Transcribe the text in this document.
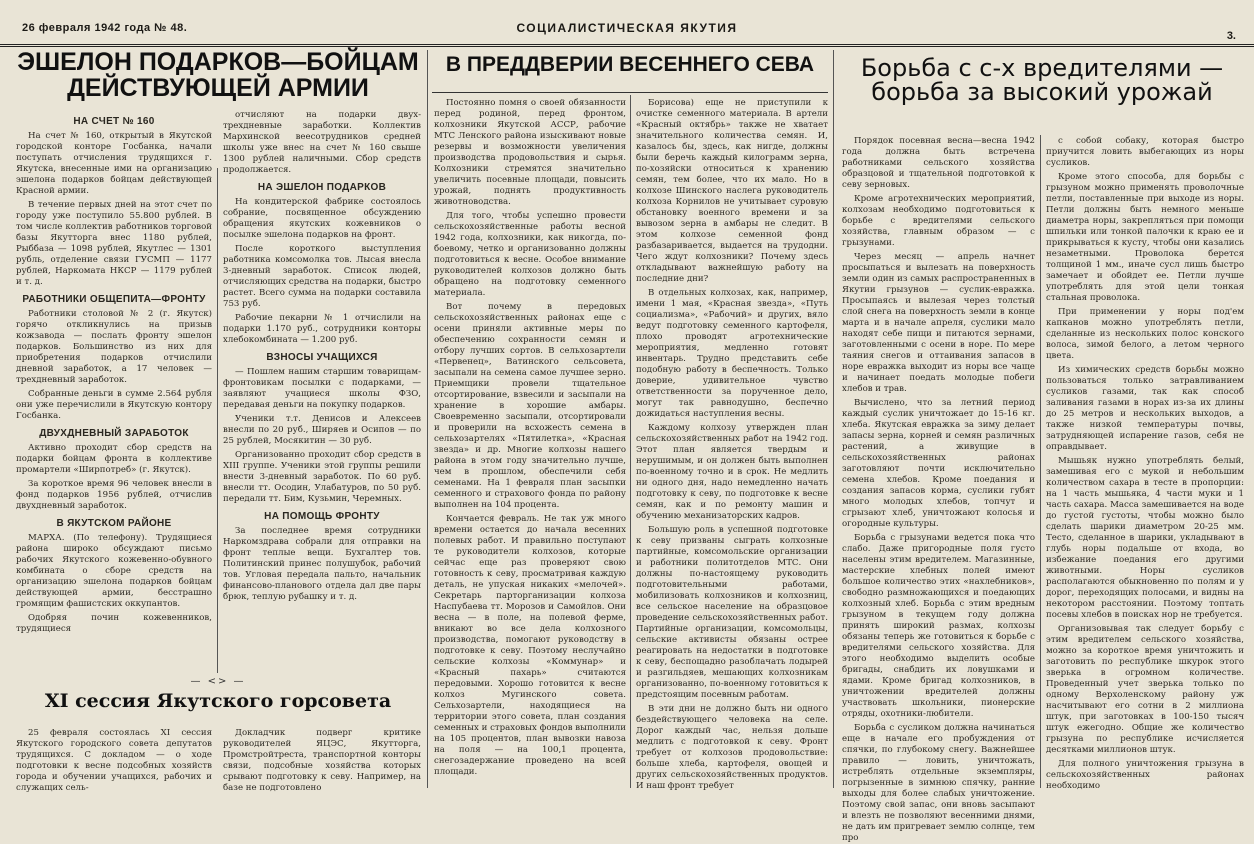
26 февраля 1942 года № 48.	СОЦИАЛИСТИЧЕСКАЯ ЯКУТИЯ
3.
ЭШЕЛОН ПОДАРКОВ—БОЙЦАМ ДЕЙСТВУЮЩЕЙ АРМИИ
НА СЧЕТ № 160

На счет № 160, открытый в Якутской городской конторе Госбанка, начали поступать отчисления трудящихся г. Якутска, внесенные ими на организацию эшелона подарков бойцам действующей Красной армии.

В течение первых дней на этот счет по городу уже поступило 55.800 рублей. В том числе коллектив работников торговой базы Якутторга внес 1180 рублей, Рыббаза — 1098 рублей, Якутлес — 1301 рубль, отделение связи ГУСМП — 1177 рублей, Наркомата НКСР — 1179 рублей и т. д.

РАБОТНИКИ ОБЩЕПИТА—ФРОНТУ

Работники столовой № 2 (г. Якутск) горячо откликнулись на призыв кожзавода — послать фронту эшелон подарков. Большинство из них для приобретения подарков отчислили дневной заработок, а 17 человек — трехдневный заработок.

Собранные деньги в сумме 2.564 рубля они уже перечислили в Якутскую контору Госбанка.

ДВУХДНЕВНЫЙ ЗАРАБОТОК

Активно проходит сбор средств на подарки бойцам фронта в коллективе промартели «Ширпотреб» (г. Якутск).

За короткое время 96 человек внесли в фонд подарков 1956 рублей, отчислив двухдневный заработок.

В ЯКУТСКОМ РАЙОНЕ

МАРХА. (По телефону). Трудящиеся района широко обсуждают письмо рабочих Якутского кожевенно-обувного комбината о сборе средств на организацию эшелона подарков бойцам действующей армии, бесстрашно громящим фашистских оккупантов.

Одобряя почин кожевенников, трудящиеся

отчисляют на подарки двух-трехдневные заработки. Коллектив Мархинской веесотрудников средней школы уже внес на счет № 160 свыше 1300 рублей наличными. Сбор средств продолжается.

НА ЭШЕЛОН ПОДАРКОВ

На кондитерской фабрике состоялось собрание, посвященное обсуждению обращения якутских кожевников о посылке эшелона подарков на фронт.

После короткого выступления работника комсомолка тов. Лысая внесла 3-дневный заработок. Список людей, отчисляющих средства на подарки, быстро растет. Всего сумма на подарки составила 753 руб.

Рабочие пекарни № 1 отчислили на подарки 1.170 руб., сотрудники конторы хлебокомбината — 1.200 руб.

ВЗНОСЫ УЧАЩИХСЯ

— Пошлем нашим старшим товарищам-фронтовикам посылки с подарками, — заявляют учащиеся школы ФЗО, передавая деньги на покупку подарков.

Ученики т.т. Денисов и Алексеев внесли по 20 руб., Ширяев и Осипов — по 25 рублей, Мосякитин — 30 руб.

Организованно проходит сбор средств в XIII группе. Ученики этой группы решили внести 3-дневный заработок. По 60 руб. внесли тт. Осодин, Улабатуров, по 50 руб. передали тт. Бим, Кузьмин, Черемных.

НА ПОМОЩЬ ФРОНТУ

За последнее время сотрудники Наркомздрава собрали для отправки на фронт теплые вещи. Бухгалтер тов. Политинский принес полушубок, рабочий тов. Угловая передала пальто, начальник финансово-планового отдела дал две пары брюк, теплую рубашку и т. д.

— <> —
XI сессия Якутского горсовета

25 февраля состоялась XI сессия Якутского городского совета депутатов трудящихся. С докладом — о ходе подготовки к весне подсобных хозяйств города и обучении учащихся, рабочих и служащих сель-

Докладчик подверг критике руководителей ЯЦЭС, Якутторга, Промстройтреста, транспортной конторы связи, подсобные хозяйства которых срывают подготовку к севу. Например, на базе не подготовлено

В ПРЕДДВЕРИИ ВЕСЕННЕГО СЕВА

Постоянно помня о своей обязанности перед родиной, перед фронтом, колхозники Якутской АССР, рабочие МТС Ленского района изыскивают новые резервы и возможности увеличения производства продовольствия и сырья. Колхозники стремятся значительно увеличить посевные площади, повысить урожай, поднять продуктивность животноводства.

Для того, чтобы успешно провести сельскохозяйственные работы весной 1942 года, колхозники, как никогда, по-боевому, четко и организованно должны подготовиться к весне. Особое внимание руководителей колхозов должно быть обращено на подготовку семенного материала.

Вот почему в передовых сельскохозяйственных районах еще с осени приняли активные меры по обеспечению сохранности семян и отбору лучших сортов. В сельхозартели «Первенец», Ватинского сельсовета, засыпали на семена самое лучшее зерно. Приемщики провели тщательное отсортирование, взвесили и засыпали на хранение в хорошие амбары. Своевременно засыпали, отсортировали и проверили на всхожесть семена в сельхозартелях «Пятилетка», «Красная звезда» и др. Многие колхозы нашего района в этом году значительно лучше, чем в прошлом, обеспечили себя семенами. На 1 февраля план засыпки семенного и страхового фонда по району выполнен на 104 процента.

Кончается февраль. Не так уж много времени остается до начала весенних полевых работ. И правильно поступают те руководители колхозов, которые сейчас еще раз проверяют свою готовность к севу, просматривая каждую деталь, не упуская никаких «мелочей». Секретарь парторганизации колхоза Наспубаева тт. Морозов и Самойлов. Они весна — в поле, на полевой ферме, вникают во все дела колхозного производства, помогают руководству в подготовке к севу. Поэтому неслучайно сельские колхозы «Коммунар» и «Красный пахарь» считаются передовыми. Хорошо готовится к весне колхоз Мугинского совета. Сельхозартели, находящиеся на территории этого совета, план создания семенных и страховых фондов выполнили на 105 процентов, план вывозки навоза на поля — на 100,1 процента, снегозадержание проведено на всей площади.

Борисова) еще не приступили к очистке семенного материала. В артели «Красный октябрь» также не хватает значительного количества семян. И, казалось бы, здесь, как нигде, должны были беречь каждый килограмм зерна, по-хозяйски относиться к хранению семян, тем более, что их мало. Но в колхозе Шинского наслега руководитель колхоза Корнилов не учитывает суровую обстановку военного времени и за вывозом зерна в амбары не следит. В этом колхозе семенной фонд разбазаривается, выдается на трудодни. Чего ждут колхозники? Почему здесь откладывают важнейшую работу на последние дни?

В отдельных колхозах, как, например, имени 1 мая, «Красная звезда», «Путь социализма», «Рабочий» и других, вяло ведут подготовку семенного картофеля, плохо проводят агротехнические мероприятия, медленно готовят инвентарь. Трудно представить себе подобную работу в беспечность. Только доверие, удивительное чувство ответственности за порученное дело, могут так равнодушно, беспечно дожидаться наступления весны.

Каждому колхозу утвержден план сельскохозяйственных работ на 1942 год. Этот план является твердым и нерушимым, и он должен быть выполнен по-военному точно и в срок. Не медлить ни одного дня, надо немедленно начать подготовку к севу, по подготовке к весне семян, как и по ремонту машин и обучению механизаторских кадров.

Большую роль в успешной подготовке к севу призваны сыграть колхозные партийные, комсомольские организации и работники политотделов МТС. Они должны по-настоящему руководить подготовительными работами, мобилизовать колхозников и колхозниц, все сельское население на образцовое проведение сельскохозяйственных работ. Партийные организации, комсомольцы, сельские активисты обязаны острее реагировать на недостатки в подготовке к севу, беспощадно разоблачать лодырей и разгильдяев, мешающих колхозникам организованно, по-военному готовиться к предстоящим посевным работам.

В эти дни не должно быть ни одного бездействующего человека на селе. Дорог каждый час, нельзя дольше медлить с подготовкой к севу. Фронт требует от колхозов продовольствие: больше хлеба, картофеля, овощей и других сельскохозяйственных продуктов. И наш фронт требует

Борьба с с-х вредителями — борьба за высокий урожай

Порядок посевная весна—весна 1942 года должна быть встречена работниками сельского хозяйства образцовой и тщательной подготовкой к севу зерновых.

Кроме агротехнических мероприятий, колхозам необходимо подготовиться к борьбе с вредителями сельского хозяйства, главным образом — с грызунами.

Через месяц — апрель начнет просыпаться и вылезать на поверхность земли один из самых распространенных в Якутии грызунов — суслик-евражка. Просыпаясь и вылезая через толстый слой снега на поверхность земли в конце марта и в начале апреля, суслики мало находят себе пищи и питаются зернами, заготовленными с осени в норе. По мере таяния снегов и оттаивания запасов в норе евражка выходит из норы все чаще и начинает поедать молодые побеги хлебов и трав.

Вычислено, что за летний период каждый суслик уничтожает до 15-16 кг. хлеба. Якутская евражка за зиму делает запасы зерна, корней и семян различных растений, а живущие в сельскохозяйственных районах заготовляют почти исключительно семена хлебов. Кроме поедания и создания запасов корма, суслики губят много молодых хлебов, топчут и сгрызают хлеб, уничтожают колосья и огородные культуры.

Борьба с грызунами ведется пока что слабо. Даже пригородные поля густо населены этим вредителем. Магазинные, мастерские хлебных полей имеют большое количество этих «нахлебников», свободно размножающихся и поедающих колхозный хлеб. Борьба с этим вредным грызуном в текущем году должна принять широкий размах, колхозы обязаны теперь же готовиться к борьбе с вредителями сельского хозяйства. Для этого необходимо выделить особые бригады, снабдить их ловушками и ядами. Кроме бригад колхозников, в уничтожении вредителей должны участвовать школьники, пионерские отряды, охотники-любители.

Борьба с сусликом должна начинаться еще в начале его пробуждения от спячки, по глубокому снегу. Важнейшее правило — ловить, уничтожать, истреблять отдельные экземпляры, погрызенные в зимнюю спячку, ранние выходы для более слабых уничтожение. Поэтому свой запас, они вновь засыпают и влезть не позволяют весенними днями, не дать им пригревает землю солнце, тем про

с собой собаку, которая быстро приучится ловить выбегающих из норы сусликов.

Кроме этого способа, для борьбы с грызуном можно применять проволочные петли, поставленные при выходе из норы. Петли должны быть немного меньше диаметра норы, закрепляться при помощи шпильки или тонкой палочки к краю ее и прикрываться к кусту, чтобы они казались незаметными. Проволока берется толщиной 1 мм., иначе сусл лишь быстро замечает и обойдет ее. Петли лучше употреблять для этой цели тонкая стальная проволока.

При применении у норы под'ем капканов можно употреблять петли, сделанные из нескольких полос конского волоса, зимой белого, а летом черного цвета.

Из химических средств борьбы можно пользоваться только затравливанием сусликов газами, так как способ заливания газами в норах из-за их длины до 25 метров и нескольких выходов, а также низкой температуры почвы, затрудняющей испарение газов, себя не оправдывает.

Мышьяк нужно употреблять белый, замешивая его с мукой и небольшим количеством сахара в тесте в пропорции: на 1 часть мышьяка, 4 части муки и 1 часть сахара. Масса замешивается на воде до густой густоты, чтобы можно было сделать шарики диаметром 20-25 мм. Тесто, сделанное в шарики, укладывают в глубь норы подальше от входа, во избежание поедания его другими животными. Норы сусликов располагаются обыкновенно по полям и у дорог, переходящих полосами, и видны на некотором расстоянии. Поэтому топтать посевы хлебов в поисках нор не требуется.

Организовывая так следует борьбу с этим вредителем сельского хозяйства, можно за короткое время уничтожить и заготовить по республике шкурок этого зверька в огромном количестве. Проведенный учет зверька только по одному Верхоленскому району уж насчитывают его сотни в 2 миллиона штук, при заготовках в 100-150 тысяч штук ежегодно. Общие же количество грызуна по республике исчисляется десятками миллионов штук.

Для полного уничтожения грызуна в сельскохозяйственных районах необходимо
